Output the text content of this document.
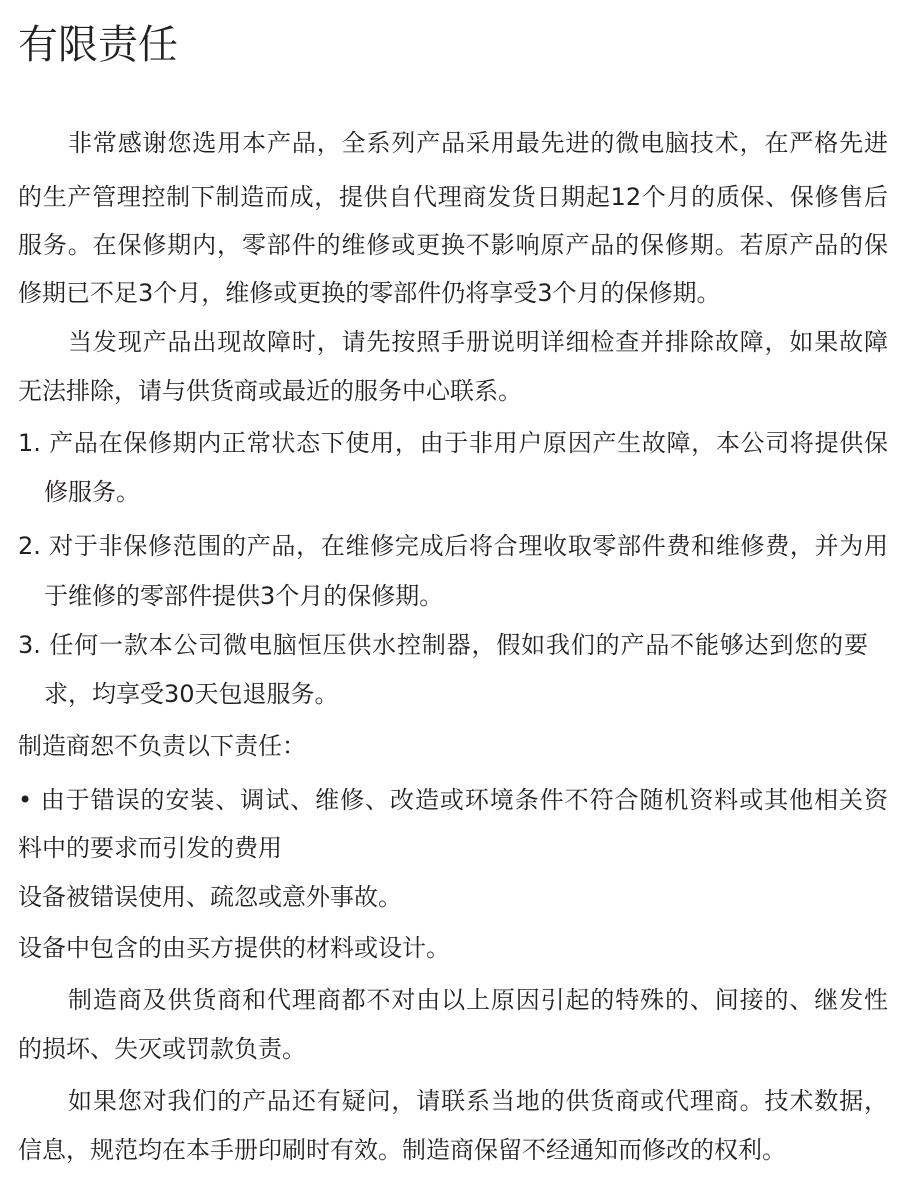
有限责任
非常感谢您选用本产品，全系列产品采用最先进的微电脑技术，在严格先进
的生产管理控制下制造而成，提供自代理商发货日期起12个月的质保、保修售后
服务。在保修期内，零部件的维修或更换不影响原产品的保修期。若原产品的保
修期已不足3个月，维修或更换的零部件仍将享受3个月的保修期。
当发现产品出现故障时，请先按照手册说明详细检查并排除故障，如果故障
无法排除，请与供货商或最近的服务中心联系。
1. 产品在保修期内正常状态下使用，由于非用户原因产生故障，本公司将提供保
修服务。
2. 对于非保修范围的产品，在维修完成后将合理收取零部件费和维修费，并为用
于维修的零部件提供3个月的保修期。
3. 任何一款本公司微电脑恒压供水控制器，假如我们的产品不能够达到您的要
求，均享受30天包退服务。
制造商恕不负责以下责任：
• 由于错误的安装、调试、维修、改造或环境条件不符合随机资料或其他相关资
料中的要求而引发的费用
设备被错误使用、疏忽或意外事故。
设备中包含的由买方提供的材料或设计。
制造商及供货商和代理商都不对由以上原因引起的特殊的、间接的、继发性
的损坏、失灭或罚款负责。
如果您对我们的产品还有疑问，请联系当地的供货商或代理商。技术数据，
信息，规范均在本手册印刷时有效。制造商保留不经通知而修改的权利。
